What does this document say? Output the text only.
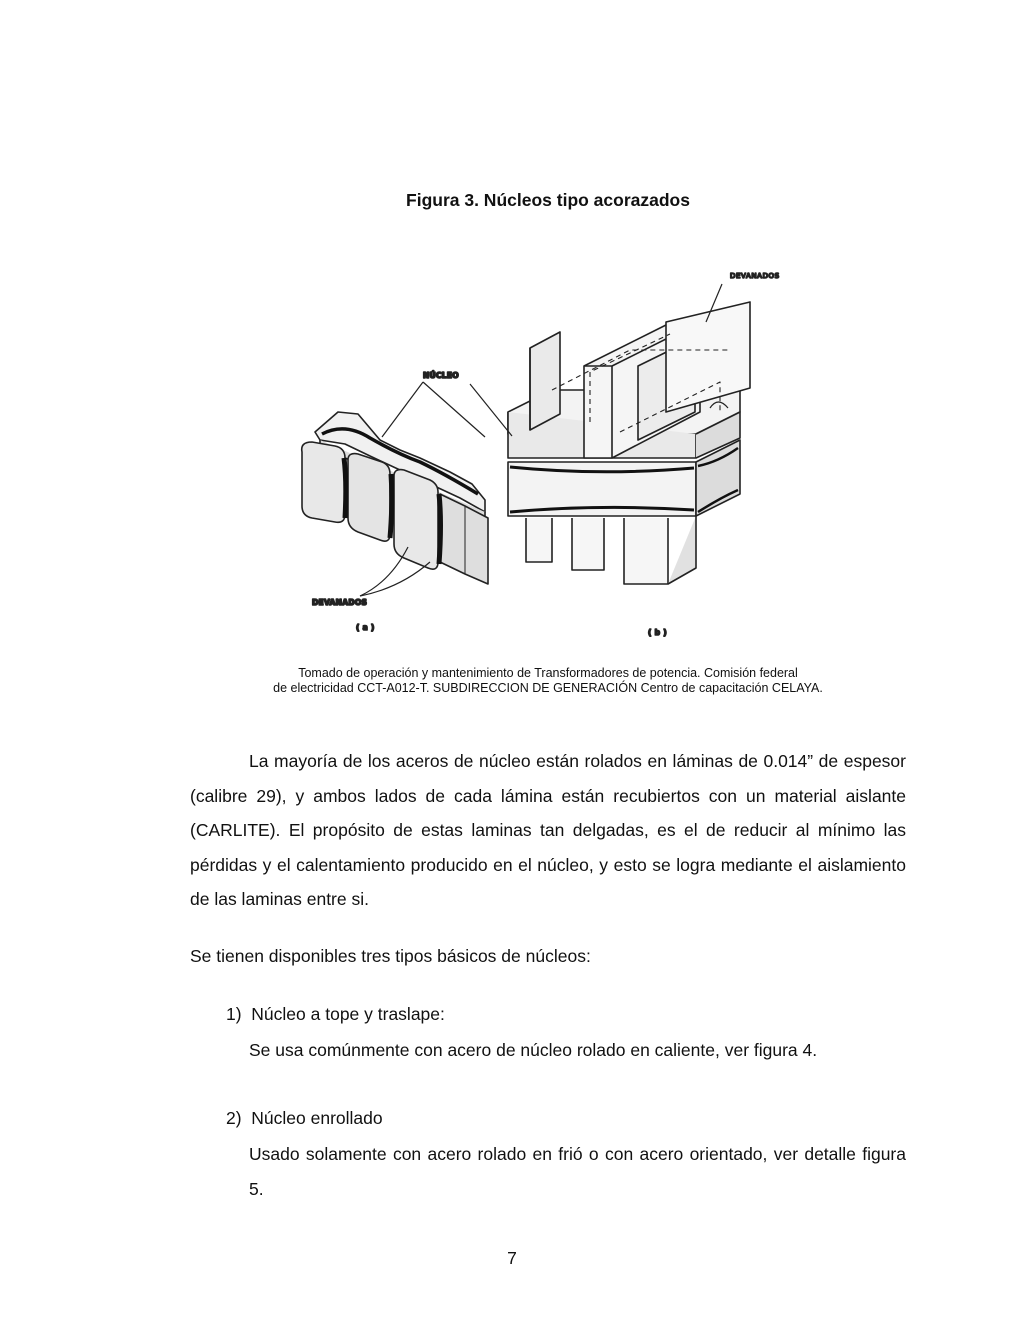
Figura 3. Núcleos tipo acorazados
NÚCLEO
DEVANADOS
DEVANADOS
( a )
( b )
Tomado de operación y mantenimiento de Transformadores de potencia. Comisión federal
de electricidad CCT-A012-T. SUBDIRECCION DE GENERACIÓN Centro de capacitación CELAYA.

La mayoría de los aceros de núcleo están rolados en láminas de 0.014” de espesor (calibre 29), y ambos lados de cada lámina están recubiertos con un material aislante (CARLITE). El propósito de estas laminas tan delgadas, es el de reducir al mínimo las pérdidas y el calentamiento producido en el núcleo, y esto se logra mediante el aislamiento de las laminas entre si.

Se tienen disponibles tres tipos básicos de núcleos:

1) Núcleo a tope y traslape:

Se usa comúnmente con acero de núcleo rolado en caliente, ver figura 4.

2) Núcleo enrollado

Usado solamente con acero rolado en frió o con acero orientado, ver detalle figura 5.

7
